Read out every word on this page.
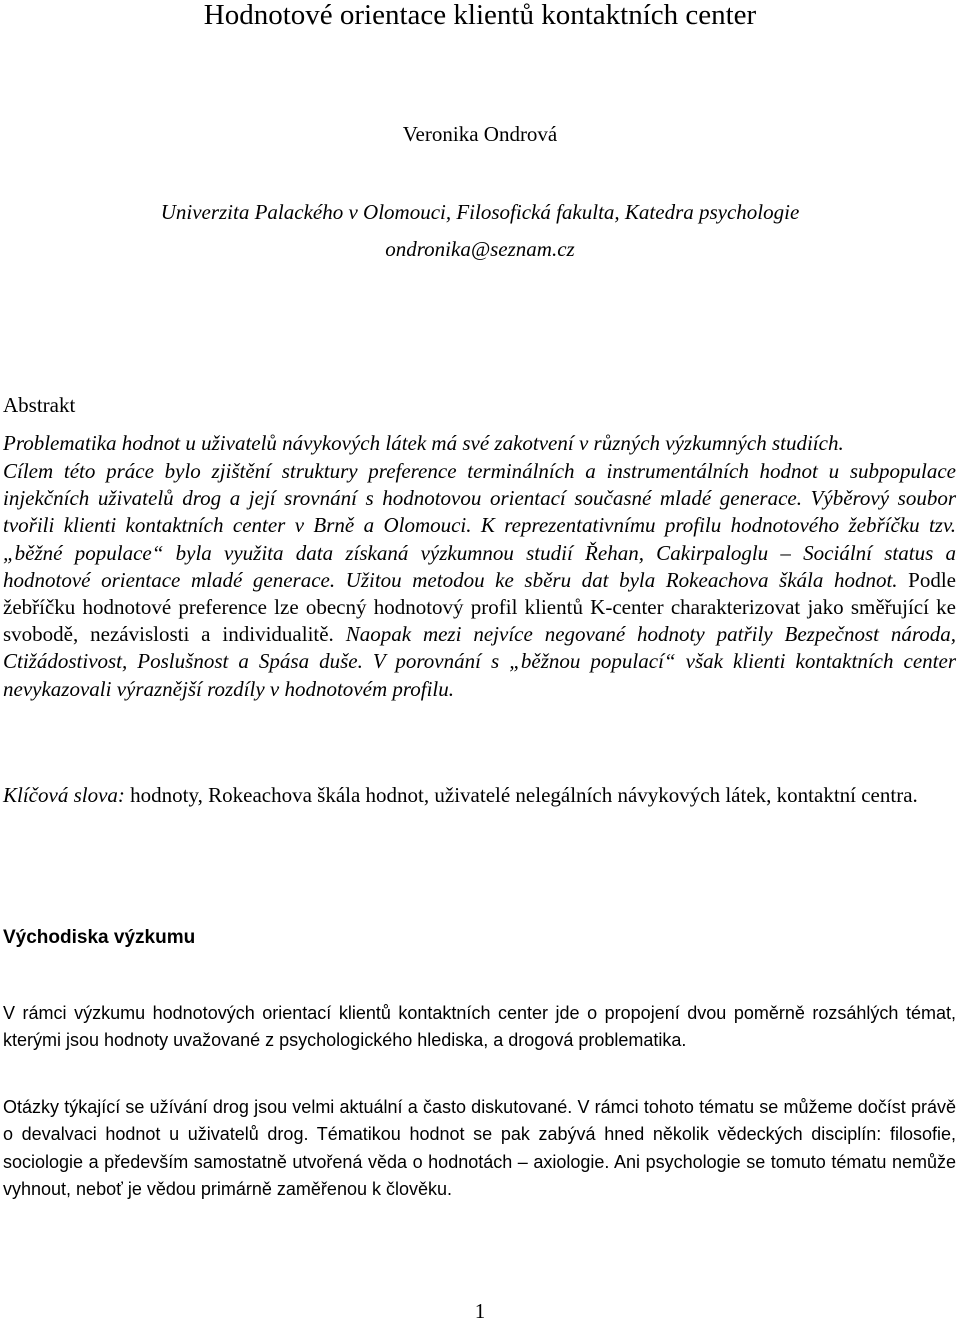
Hodnotové orientace klientů kontaktních center
Veronika Ondrová
Univerzita Palackého v Olomouci, Filosofická fakulta, Katedra psychologie
ondronika@seznam.cz
Abstrakt
Problematika hodnot u uživatelů návykových látek má své zakotvení v různých výzkumných studiích.

Cílem této práce bylo zjištění struktury preference terminálních a instrumentálních hodnot u subpopulace injekčních uživatelů drog a její srovnání s hodnotovou orientací současné mladé generace. Výběrový soubor tvořili klienti kontaktních center v Brně a Olomouci. K reprezentativnímu profilu hodnotového žebříčku tzv. „běžné populace“ byla využita data získaná výzkumnou studií Řehan, Cakirpaloglu – Sociální status a hodnotové orientace mladé generace. Užitou metodou ke sběru dat byla Rokeachova škála hodnot. Podle žebříčku hodnotové preference lze obecný hodnotový profil klientů K-center charakterizovat jako směřující ke svobodě, nezávislosti a individualitě. Naopak mezi nejvíce negované hodnoty patřily Bezpečnost národa, Ctižádostivost, Poslušnost a Spása duše. V porovnání s „běžnou populací“ však klienti kontaktních center nevykazovali výraznější rozdíly v hodnotovém profilu.

Klíčová slova: hodnoty, Rokeachova škála hodnot, uživatelé nelegálních návykových látek, kontaktní centra.

Východiska výzkumu

V rámci výzkumu hodnotových orientací klientů kontaktních center jde o propojení dvou poměrně rozsáhlých témat, kterými jsou hodnoty uvažované z psychologického hlediska, a drogová problematika.

Otázky týkající se užívání drog jsou velmi aktuální a často diskutované. V rámci tohoto tématu se můžeme dočíst právě o devalvaci hodnot u uživatelů drog. Tématikou hodnot se pak zabývá hned několik vědeckých disciplín: filosofie, sociologie a především samostatně utvořená věda o hodnotách – axiologie. Ani psychologie se tomuto tématu nemůže vyhnout, neboť je vědou primárně zaměřenou k člověku.

1
